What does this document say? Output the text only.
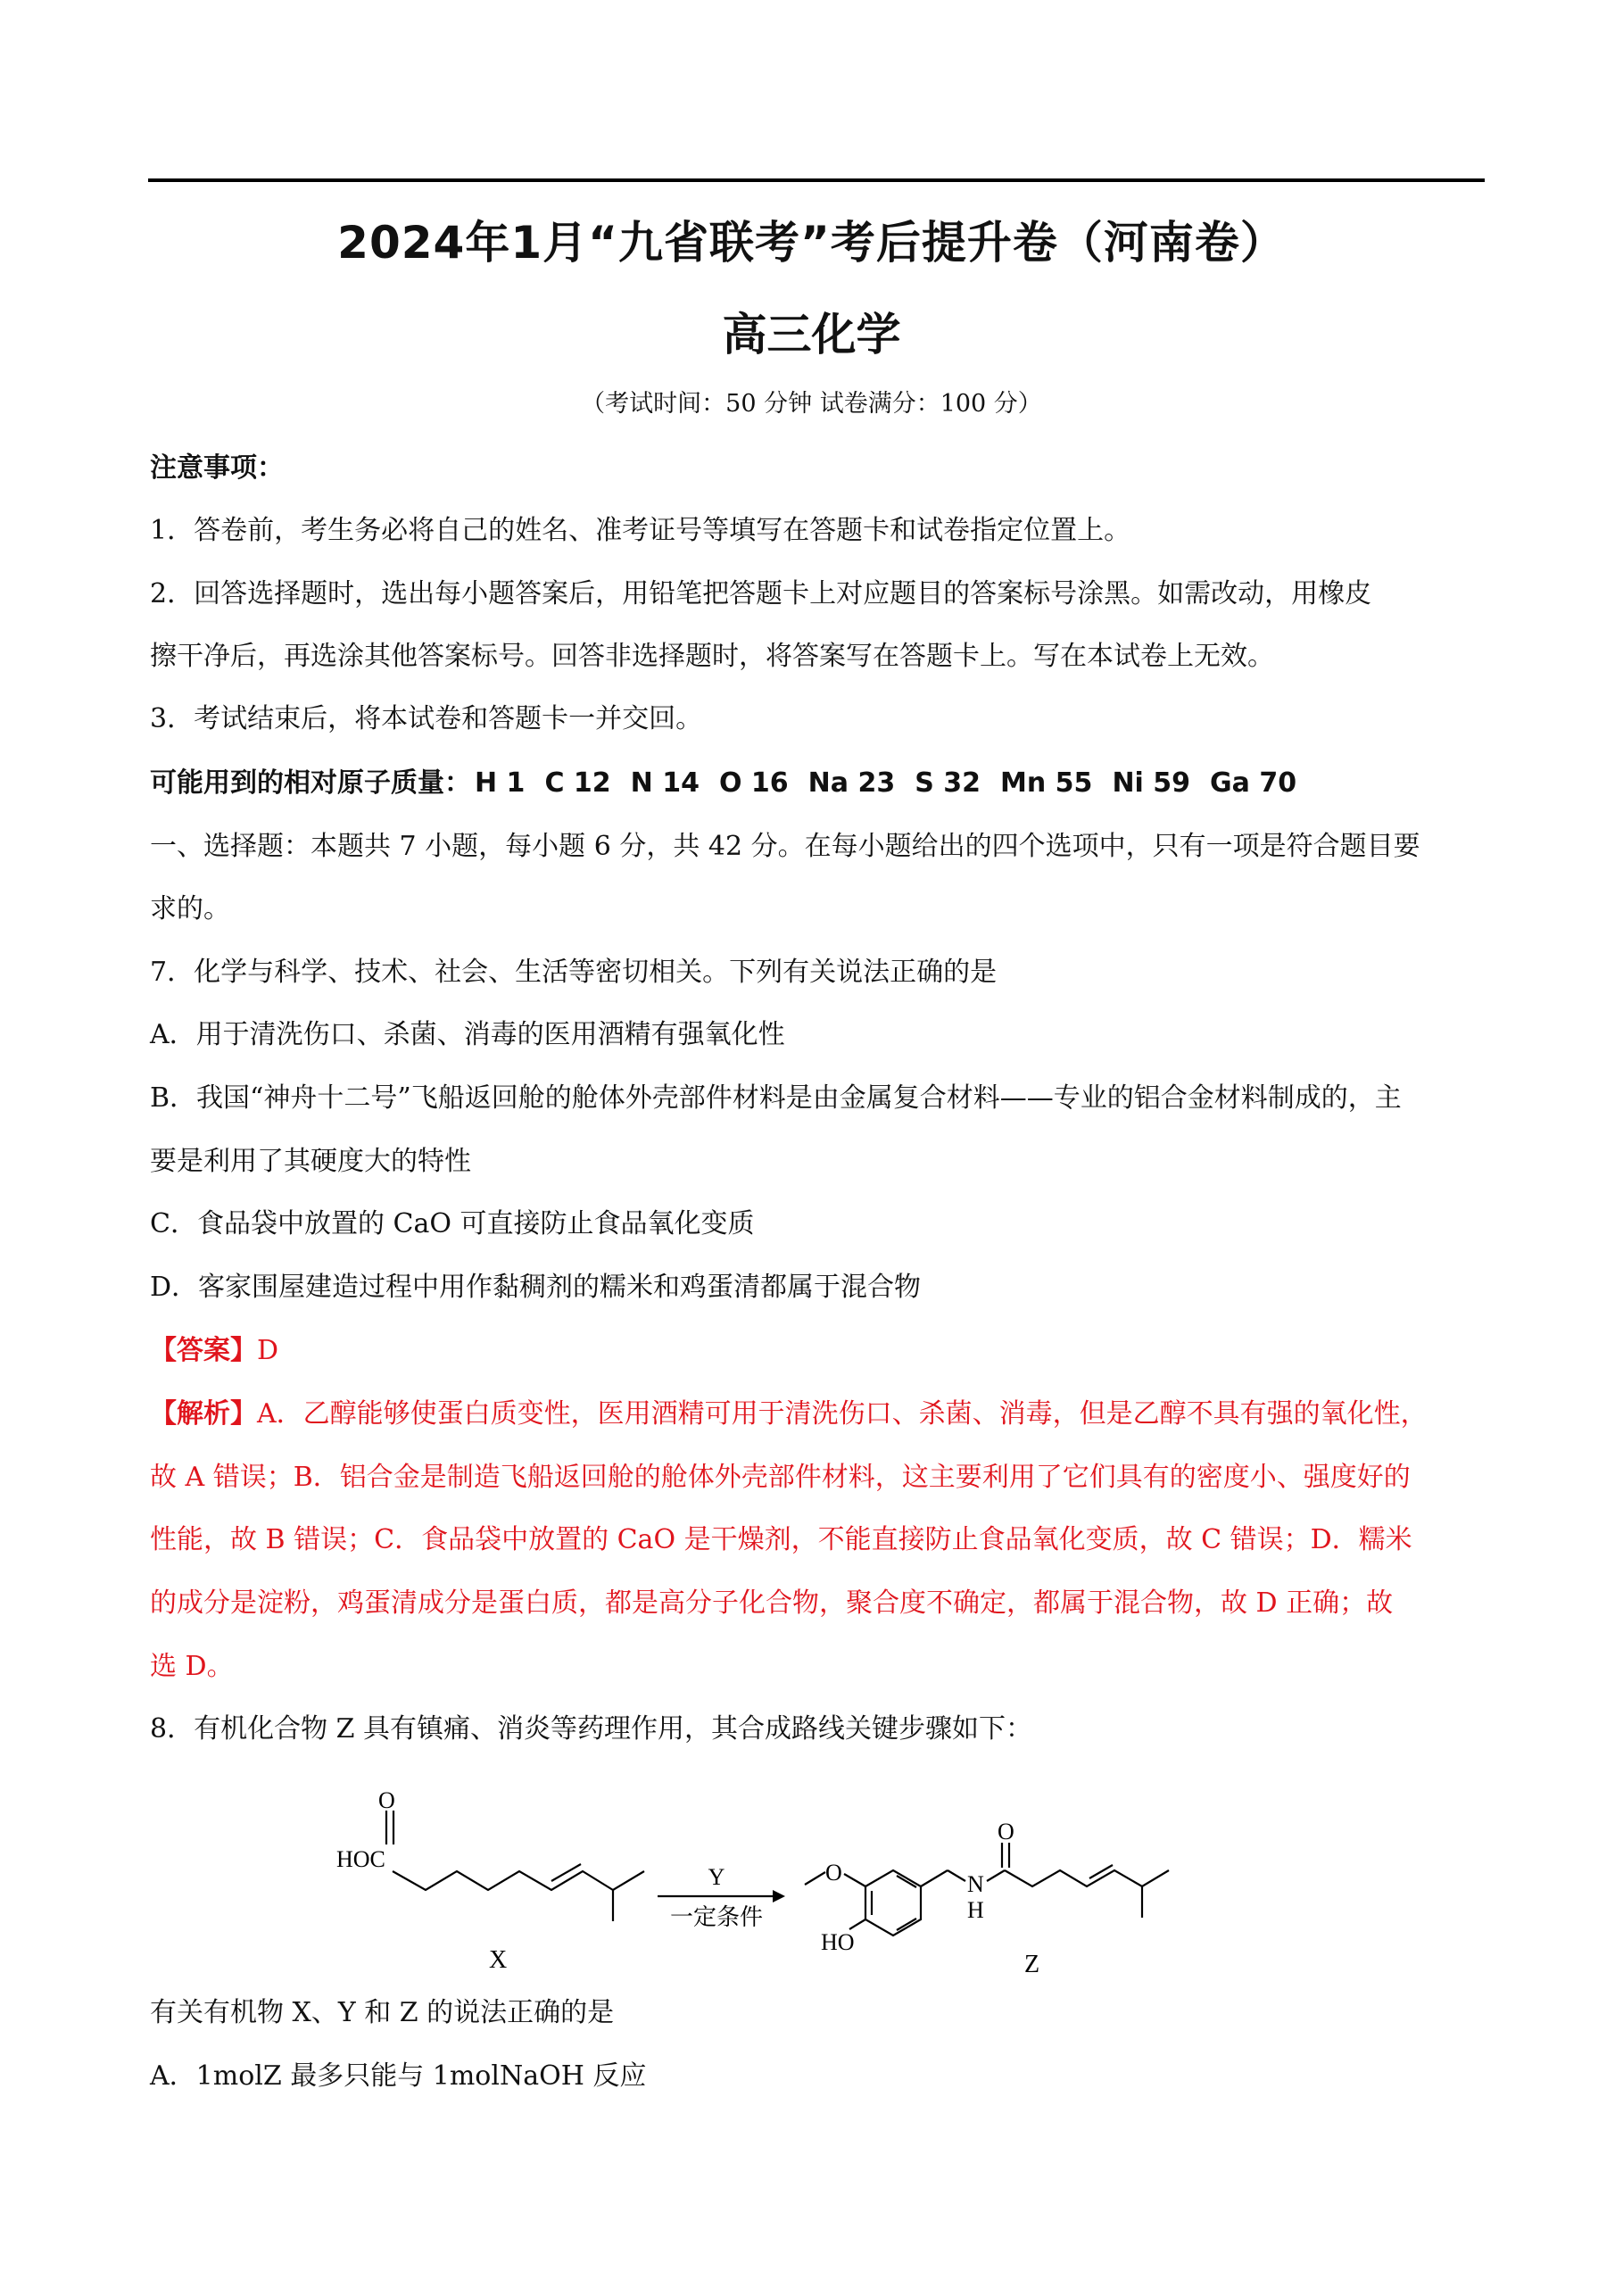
2024年1月“九省联考”考后提升卷（河南卷）
高三化学
（考试时间：50 分钟 试卷满分：100 分）
注意事项：
1．答卷前，考生务必将自己的姓名、准考证号等填写在答题卡和试卷指定位置上。
2．回答选择题时，选出每小题答案后，用铅笔把答题卡上对应题目的答案标号涂黑。如需改动，用橡皮
擦干净后，再选涂其他答案标号。回答非选择题时，将答案写在答题卡上。写在本试卷上无效。
3．考试结束后，将本试卷和答题卡一并交回。
可能用到的相对原子质量： H 1 C 12 N 14 O 16 Na 23 S 32 Mn 55 Ni 59 Ga 70
一、选择题：本题共 7 小题，每小题 6 分，共 42 分。在每小题给出的四个选项中，只有一项是符合题目要
求的。
7．化学与科学、技术、社会、生活等密切相关。下列有关说法正确的是
A．用于清洗伤口、杀菌、消毒的医用酒精有强氧化性
B．我国“神舟十二号”飞船返回舱的舱体外壳部件材料是由金属复合材料——专业的铝合金材料制成的，主
要是利用了其硬度大的特性
C．食品袋中放置的 CaO 可直接防止食品氧化变质
D．客家围屋建造过程中用作黏稠剂的糯米和鸡蛋清都属于混合物
【答案】D
【解析】A．乙醇能够使蛋白质变性，医用酒精可用于清洗伤口、杀菌、消毒，但是乙醇不具有强的氧化性，
故 A 错误；B．铝合金是制造飞船返回舱的舱体外壳部件材料，这主要利用了它们具有的密度小、强度好的
性能，故 B 错误；C．食品袋中放置的 CaO 是干燥剂，不能直接防止食品氧化变质，故 C 错误；D．糯米
的成分是淀粉，鸡蛋清成分是蛋白质，都是高分子化合物，聚合度不确定，都属于混合物，故 D 正确；故
选 D。
8．有机化合物 Z 具有镇痛、消炎等药理作用，其合成路线关键步骤如下：
O
HOC
X
Y
一定条件
O
HO
N
H
O
Z
有关有机物 X、Y 和 Z 的说法正确的是
A．1molZ 最多只能与 1molNaOH 反应
